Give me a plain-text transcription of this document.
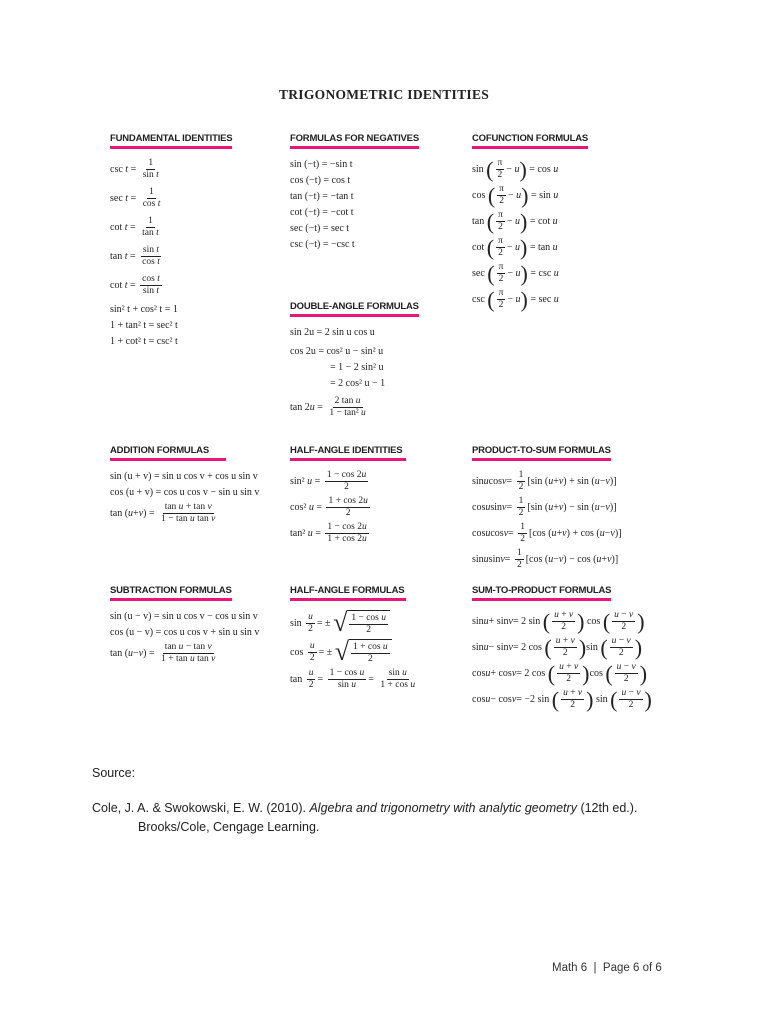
TRIGONOMETRIC IDENTITIES
FUNDAMENTAL IDENTITIES
$\csc t = \frac{1}{\text{sin t}}$
$\sec t = \frac{1}{\text{cos t}}$
$\cot t = \frac{1}{\text{tan t}}$
$\tan t = \frac{\text{sin t}}{\text{cos t}}$
$\cot t = \frac{\text{cos t}}{\text{sin t}}$
sin² t + cos² t = 1
1 + tan² t = sec² t
1 + cot² t = csc² t
FORMULAS FOR NEGATIVES
sin (−t) = −sin t
cos (−t) = cos t
tan (−t) = −tan t
cot (−t) = −cot t
sec (−t) = sec t
csc (−t) = −csc t
COFUNCTION FORMULAS
sin ( $\frac{\pi}{2} - u$ ) = cos u
cos ( $\frac{\pi}{2} - u$ ) = sin u
tan ( $\frac{\pi}{2} - u$ ) = cot u
cot ( $\frac{\pi}{2} - u$ ) = tan u
sec ( $\frac{\pi}{2} - u$ ) = csc u
csc ( $\frac{\pi}{2} - u$ ) = sec u
DOUBLE-ANGLE FORMULAS
sin 2u = 2 sin u cos u
cos 2u = cos² u − sin² u
= 1 − 2 sin² u
= 2 cos² u − 1
tan 2 $u = \frac{\text{2 tan u}}{\text{1 − tan² u}}$
ADDITION FORMULAS
sin (u + v) = sin u cos v + cos u sin v
cos (u + v) = cos u cos v − sin u sin v
tan ( u + v ) = $\frac{\text{tan u + tan v}}{\text{1 − tan u tan v}}$
HALF-ANGLE IDENTITIES
sin² $u = \frac{1 - \cos 2u}{2}$
cos² $u = \frac{1 + \cos 2u}{2}$
tan² $u = \frac{1 - \cos 2u}{1 + \cos 2u}$
PRODUCT-TO-SUM FORMULAS
sin u $\cos v = \frac{1}{2} [\sin$ ( u + v ) + sin ( u − v )]
cos u $\sin v = \frac{1}{2} [\sin$ ( u + v ) − sin ( u − v )]
cos u $\cos v = \frac{1}{2} [\cos$ ( u + v ) + cos ( u − v )]
sin u $\sin v = \frac{1}{2} [\cos$ ( u − v ) − cos ( u + v )]
SUBTRACTION FORMULAS
sin (u − v) = sin u cos v − cos u sin v
cos (u − v) = cos u cos v + sin u sin v
tan ( u − v ) = $\frac{\text{tan u − tan v}}{\text{1 + tan u tan v}}$
HALF-ANGLE FORMULAS
$\sin \frac{u}{2}$ = ± √ $\frac{\text{1 − cos u}}{2}$
$\cos \frac{u}{2}$ = ± √ $\frac{\text{1 + cos u}}{2}$
$\tan \frac{u}{2} = \frac{\text{1 − cos u}}{\text{sin u}} = \frac{\text{sin u}}{\text{1 + cos u}}$
SUM-TO-PRODUCT FORMULAS
sin u + sin v = 2 sin ( $\frac{u + v}{2}$ ) cos ( $\frac{u - v}{2}$ )
sin u − sin v = 2 cos ( $\frac{u + v}{2}$ ) sin ( $\frac{u - v}{2}$ )
cos u + cos v = 2 cos ( $\frac{u + v}{2}$ ) cos ( $\frac{u - v}{2}$ )
cos u − cos v = −2 sin ( $\frac{u + v}{2}$ ) sin ( $\frac{u - v}{2}$ )
Source:
Cole, J. A. & Swokowski, E. W. (2010). Algebra and trigonometry with analytic geometry (12th ed.).
Brooks/Cole, Cengage Learning.
Math 6  |  Page 6 of 6
